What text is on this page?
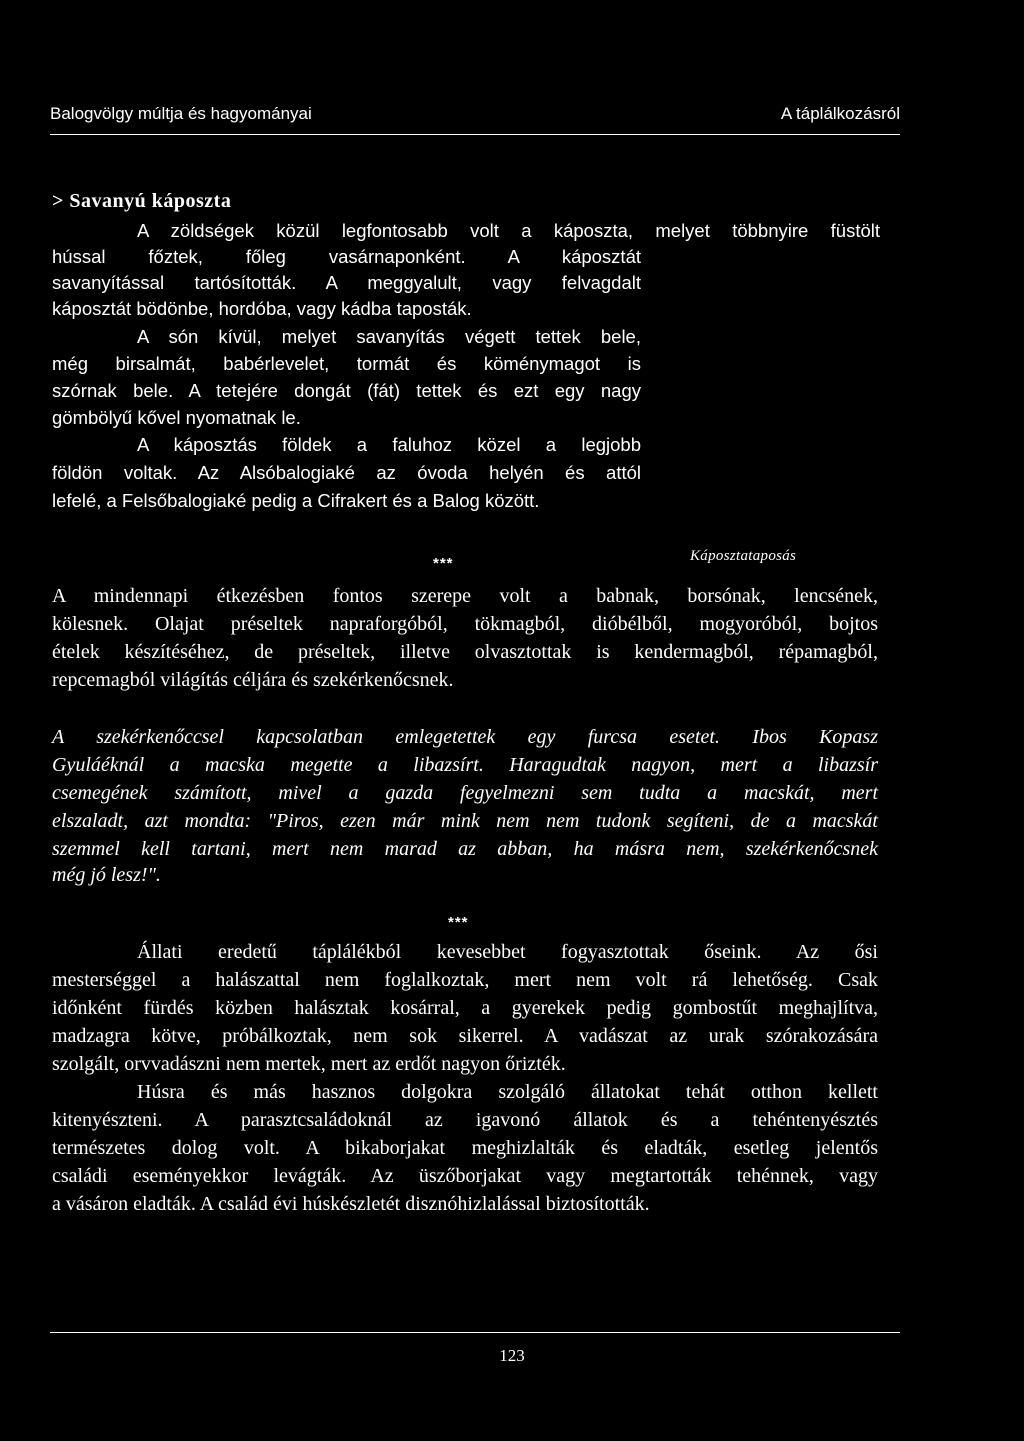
Balogvölgy múltja és hagyományai	A táplálkozásról
> Savanyú káposzta
A zöldségek közül legfontosabb volt a káposzta, melyet többnyire füstölt
hússal főztek, főleg vasárnaponként. A káposztát
savanyítással tartósították. A meggyalult, vagy felvagdalt
káposztát bödönbe, hordóba, vagy kádba taposták.
A són kívül, melyet savanyítás végett tettek bele,
még birsalmát, babérlevelet, tormát és köménymagot is
szórnak bele. A tetejére dongát (fát) tettek és ezt egy nagy
gömbölyű kővel nyomatnak le.
A káposztás földek a faluhoz közel a legjobb
földön voltak. Az Alsóbalogiaké az óvoda helyén és attól
lefelé, a Felsőbalogiaké pedig a Cifrakert és a Balog között.
***	Káposztataposás
A mindennapi étkezésben fontos szerepe volt a babnak, borsónak, lencsének,
kölesnek. Olajat préseltek napraforgóból, tökmagból, dióbélből, mogyoróból, bojtos
ételek készítéséhez, de préseltek, illetve olvasztottak is kendermagból, répamagból,
repcemagból világítás céljára és szekérkenőcsnek.
A szekérkenőccsel kapcsolatban emlegetettek egy furcsa esetet. Ibos Kopasz
Gyuláéknál a macska megette a libazsírt. Haragudtak nagyon, mert a libazsír
csemegének számított, mivel a gazda fegyelmezni sem tudta a macskát, mert
elszaladt, azt mondta: "Piros, ezen már mink nem nem tudonk segíteni, de a macskát
szemmel kell tartani, mert nem marad az abban, ha másra nem, szekérkenőcsnek
még jó lesz!".
***
Állati eredetű táplálékból kevesebbet fogyasztottak őseink. Az ősi
mesterséggel a halászattal nem foglalkoztak, mert nem volt rá lehetőség. Csak
időnként fürdés közben halásztak kosárral, a gyerekek pedig gombostűt meghajlítva,
madzagra kötve, próbálkoztak, nem sok sikerrel. A vadászat az urak szórakozására
szolgált, orvvadászni nem mertek, mert az erdőt nagyon őrizték.
Húsra és más hasznos dolgokra szolgáló állatokat tehát otthon kellett
kitenyészteni. A parasztcsaládoknál az igavonó állatok és a tehéntenyésztés
természetes dolog volt. A bikaborjakat meghizlalták és eladták, esetleg jelentős
családi eseményekkor levágták. Az üszőborjakat vagy megtartották tehénnek, vagy
a vásáron eladták. A család évi húskészletét disznóhizlalással biztosították.
123
